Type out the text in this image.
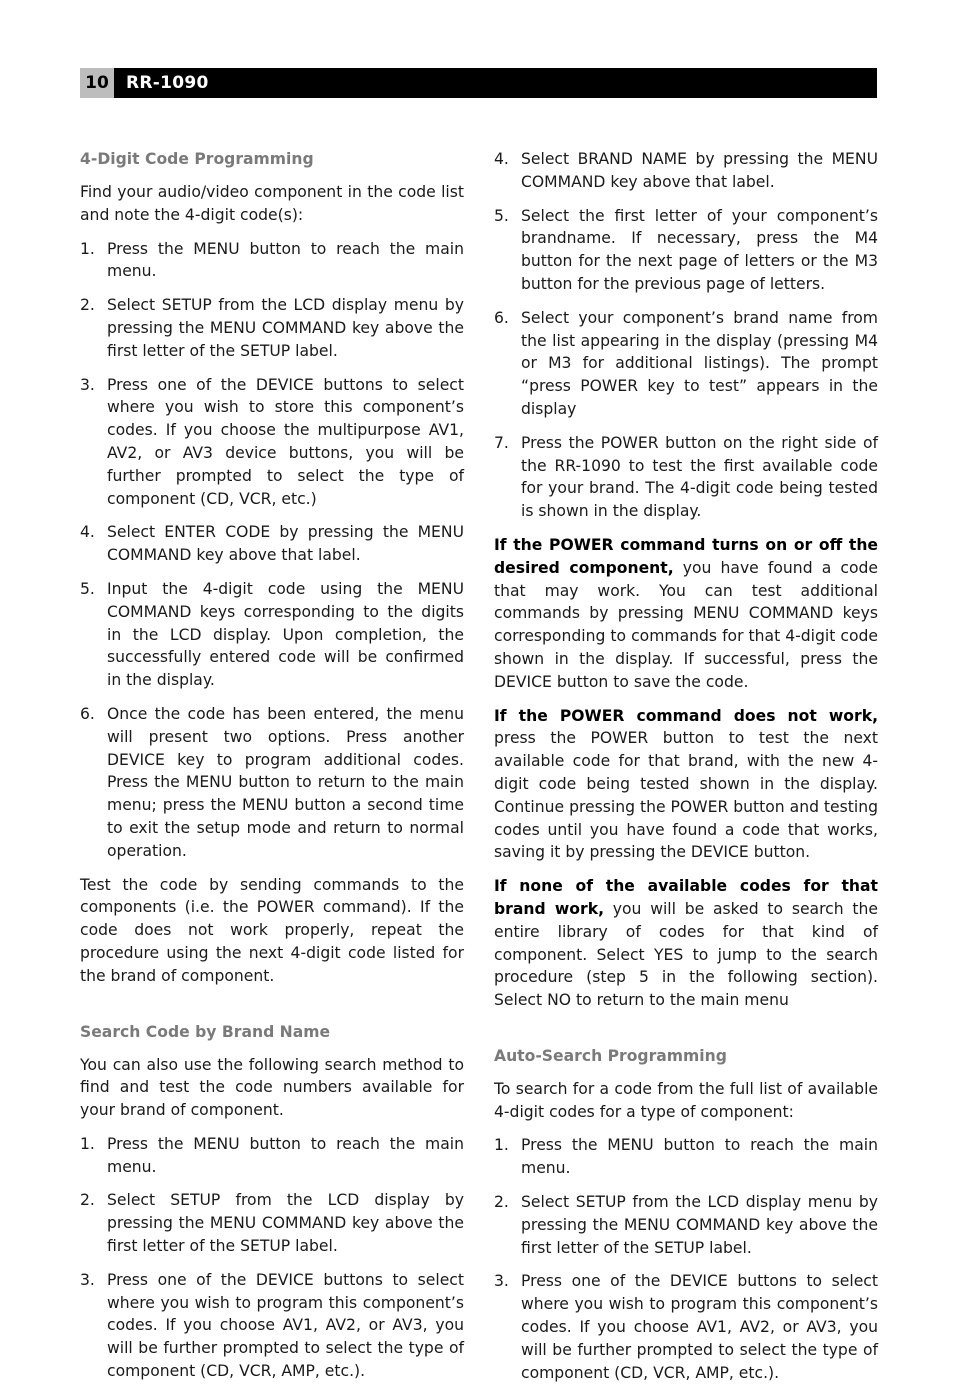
10	RR-1090
4-Digit Code Programming

Find your audio/video component in the code list and note the 4-digit code(s):

1. Press the MENU button to reach the main menu.
2. Select SETUP from the LCD display menu by pressing the MENU COMMAND key above the first letter of the SETUP label.
3. Press one of the DEVICE buttons to select where you wish to store this component’s codes. If you choose the multipurpose AV1, AV2, or AV3 device buttons, you will be further prompted to select the type of component (CD, VCR, etc.)
4. Select ENTER CODE by pressing the MENU COMMAND key above that label.
5. Input the 4-digit code using the MENU COMMAND keys corresponding to the digits in the LCD display. Upon completion, the successfully entered code will be confirmed in the display.
6. Once the code has been entered, the menu will present two options. Press another DEVICE key to program additional codes. Press the MENU button to return to the main menu; press the MENU button a second time to exit the setup mode and return to normal operation.

Test the code by sending commands to the components (i.e. the POWER command). If the code does not work properly, repeat the procedure using the next 4-digit code listed for the brand of component.

Search Code by Brand Name

You can also use the following search method to find and test the code numbers available for your brand of component.

1. Press the MENU button to reach the main menu.
2. Select SETUP from the LCD display by pressing the MENU COMMAND key above the first letter of the SETUP label.
3. Press one of the DEVICE buttons to select where you wish to program this component’s codes. If you choose AV1, AV2, or AV3, you will be further prompted to select the type of component (CD, VCR, AMP, etc.).
4. Select BRAND NAME by pressing the MENU COMMAND key above that label.
5. Select the first letter of your component’s brandname. If necessary, press the M4 button for the next page of letters or the M3 button for the previous page of letters.
6. Select your component’s brand name from the list appearing in the display (pressing M4 or M3 for additional listings). The prompt “press POWER key to test” appears in the display
7. Press the POWER button on the right side of the RR-1090 to test the first available code for your brand. The 4-digit code being tested is shown in the display.

If the POWER command turns on or off the desired component, you have found a code that may work. You can test additional commands by pressing MENU COMMAND keys corresponding to commands for that 4-digit code shown in the display. If successful, press the DEVICE button to save the code.

If the POWER command does not work, press the POWER button to test the next available code for that brand, with the new 4-digit code being tested shown in the display. Continue pressing the POWER button and testing codes until you have found a code that works, saving it by pressing the DEVICE button.

If none of the available codes for that brand work, you will be asked to search the entire library of codes for that kind of component. Select YES to jump to the search procedure (step 5 in the following section). Select NO to return to the main menu

Auto-Search Programming

To search for a code from the full list of available 4-digit codes for a type of component:

1. Press the MENU button to reach the main menu.
2. Select SETUP from the LCD display menu by pressing the MENU COMMAND key above the first letter of the SETUP label.
3. Press one of the DEVICE buttons to select where you wish to program this component’s codes. If you choose AV1, AV2, or AV3, you will be further prompted to select the type of component (CD, VCR, AMP, etc.).
